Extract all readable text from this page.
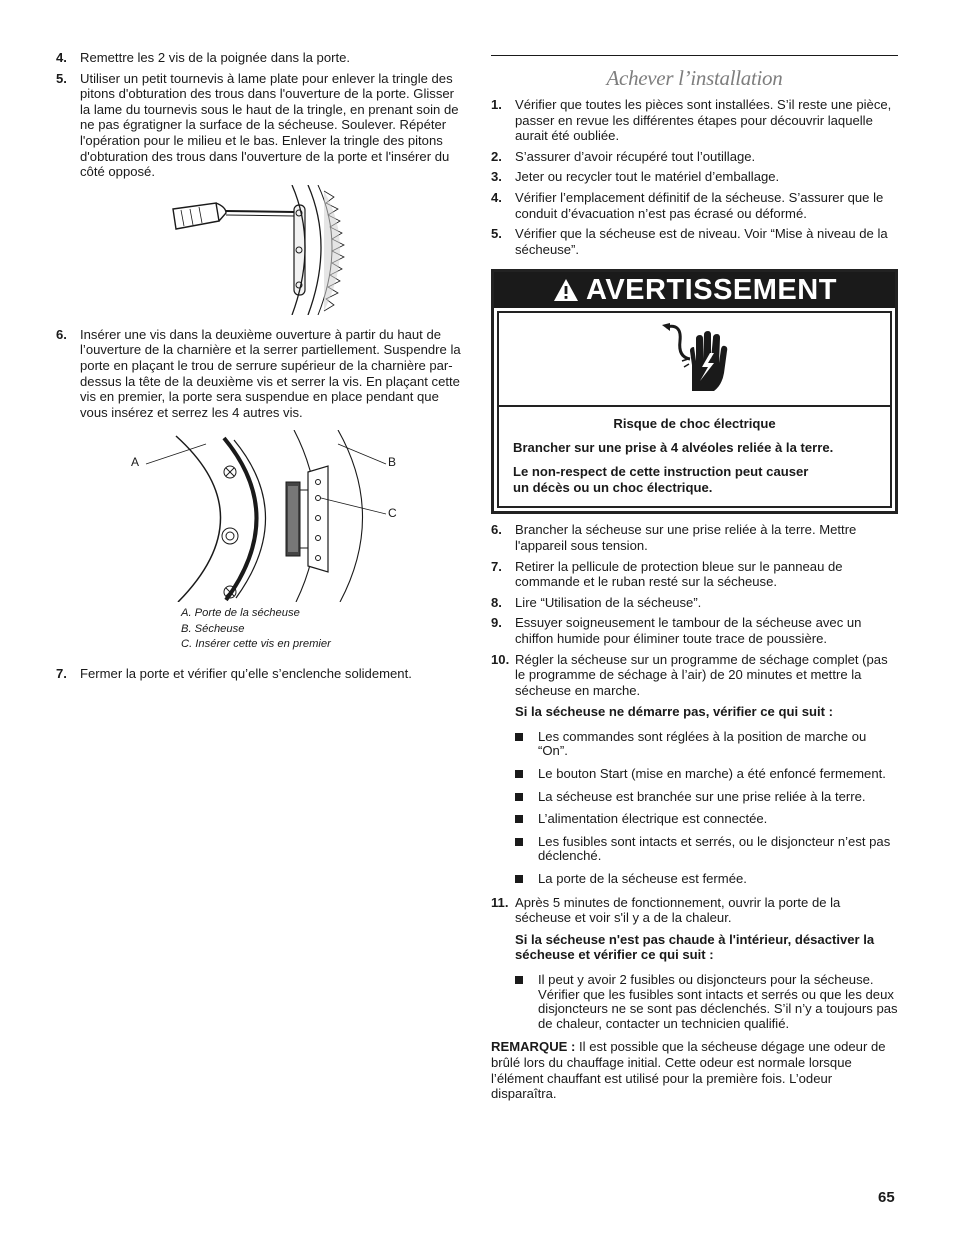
4. Remettre les 2 vis de la poignée dans la porte.
5. Utiliser un petit tournevis à lame plate pour enlever la tringle des pitons d'obturation des trous dans l'ouverture de la porte. Glisser la lame du tournevis sous le haut de la tringle, en prenant soin de ne pas égratigner la surface de la sécheuse. Soulever. Répéter l'opération pour le milieu et le bas. Enlever la tringle des pitons d'obturation des trous dans l'ouverture de la porte et l'insérer du côté opposé.
6. Insérer une vis dans la deuxième ouverture à partir du haut de l’ouverture de la charnière et la serrer partiellement. Suspendre la porte en plaçant le trou de serrure supérieur de la charnière par-dessus la tête de la deuxième vis et serrer la vis. En plaçant cette vis en premier, la porte sera suspendue en place pendant que vous insérez et serrez les 4 autres vis.
A	B
C
A. Porte de la sécheuse
B. Sécheuse
C. Insérer cette vis en premier
7. Fermer la porte et vérifier qu’elle s’enclenche solidement.
Achever l’installation
1. Vérifier que toutes les pièces sont installées. S’il reste une pièce, passer en revue les différentes étapes pour découvrir laquelle aurait été oubliée.
2. S’assurer d’avoir récupéré tout l’outillage.
3. Jeter ou recycler tout le matériel d’emballage.
4. Vérifier l’emplacement définitif de la sécheuse. S’assurer que le conduit d’évacuation n’est pas écrasé ou déformé.
5. Vérifier que la sécheuse est de niveau. Voir “Mise à niveau de la sécheuse”.
AVERTISSEMENT
Risque de choc électrique
Brancher sur une prise à 4 alvéoles reliée à la terre.
Le non-respect de cette instruction peut causer un décès ou un choc électrique.
6. Brancher la sécheuse sur une prise reliée à la terre. Mettre l'appareil sous tension.
7. Retirer la pellicule de protection bleue sur le panneau de commande et le ruban resté sur la sécheuse.
8. Lire “Utilisation de la sécheuse”.
9. Essuyer soigneusement le tambour de la sécheuse avec un chiffon humide pour éliminer toute trace de poussière.
10. Régler la sécheuse sur un programme de séchage complet (pas le programme de séchage à l’air) de 20 minutes et mettre la sécheuse en marche.
Si la sécheuse ne démarre pas, vérifier ce qui suit :
Les commandes sont réglées à la position de marche ou “On”.
Le bouton Start (mise en marche) a été enfoncé fermement.
La sécheuse est branchée sur une prise reliée à la terre.
L’alimentation électrique est connectée.
Les fusibles sont intacts et serrés, ou le disjoncteur n’est pas déclenché.
La porte de la sécheuse est fermée.
11. Après 5 minutes de fonctionnement, ouvrir la porte de la sécheuse et voir s'il y a de la chaleur.
Si la sécheuse n'est pas chaude à l'intérieur, désactiver la sécheuse et vérifier ce qui suit :
Il peut y avoir 2 fusibles ou disjoncteurs pour la sécheuse. Vérifier que les fusibles sont intacts et serrés ou que les deux disjoncteurs ne se sont pas déclenchés. S’il n’y a toujours pas de chaleur, contacter un technicien qualifié.
REMARQUE : Il est possible que la sécheuse dégage une odeur de brûlé lors du chauffage initial. Cette odeur est normale lorsque l’élément chauffant est utilisé pour la première fois. L’odeur disparaîtra.
65
